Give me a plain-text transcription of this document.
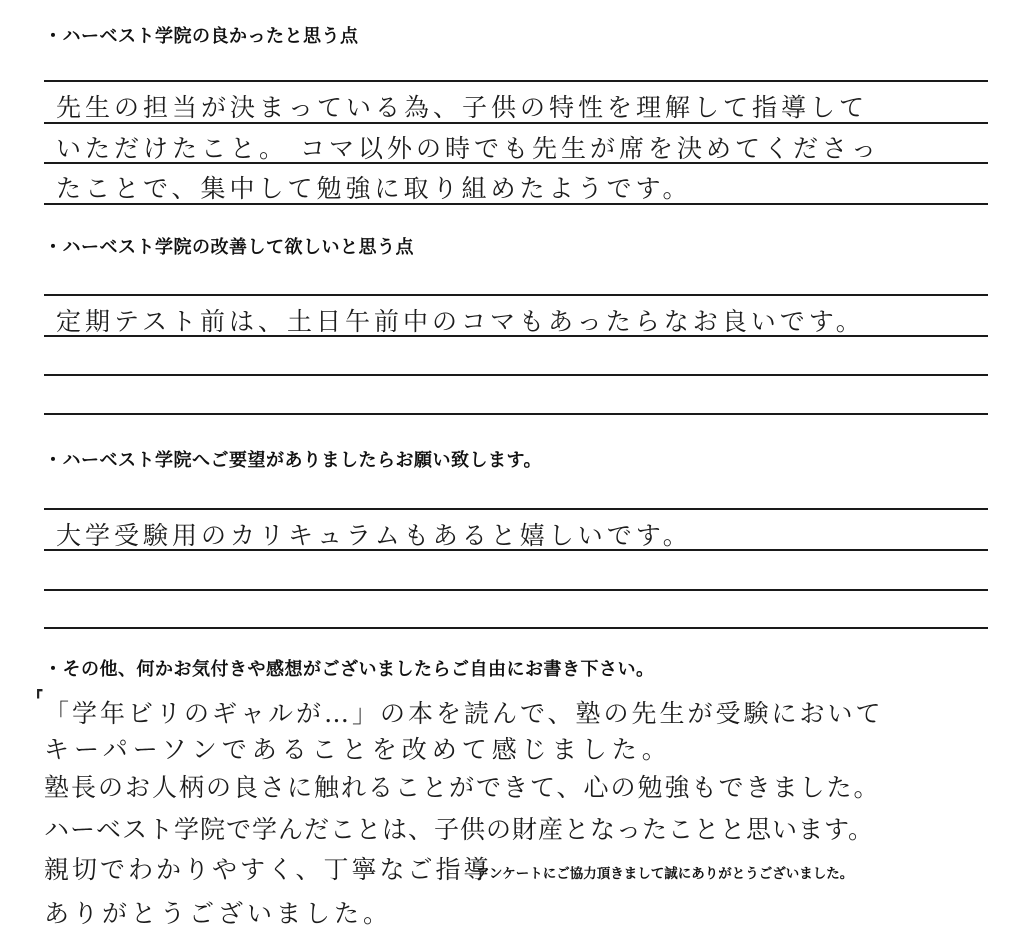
・ハーベスト学院の良かったと思う点
先生の担当が決まっている為、子供の特性を理解して指導して
いただけたこと。 コマ以外の時でも先生が席を決めてくださっ
たことで、集中して勉強に取り組めたようです。
・ハーベスト学院の改善して欲しいと思う点
定期テスト前は、土日午前中のコマもあったらなお良いです。
・ハーベスト学院へご要望がありましたらお願い致します。
大学受験用のカリキュラムもあると嬉しいです。
・その他、何かお気付きや感想がございましたらご自由にお書き下さい。
┏
「学年ビリのギャルが…」の本を読んで、塾の先生が受験において
キーパーソンであることを改めて感じました。
塾長のお人柄の良さに触れることができて、心の勉強もできました。
ハーベスト学院で学んだことは、子供の財産となったことと思います。
親切でわかりやすく、丁寧なご指導
ありがとうございました。
アンケートにご協力頂きまして誠にありがとうございました。
